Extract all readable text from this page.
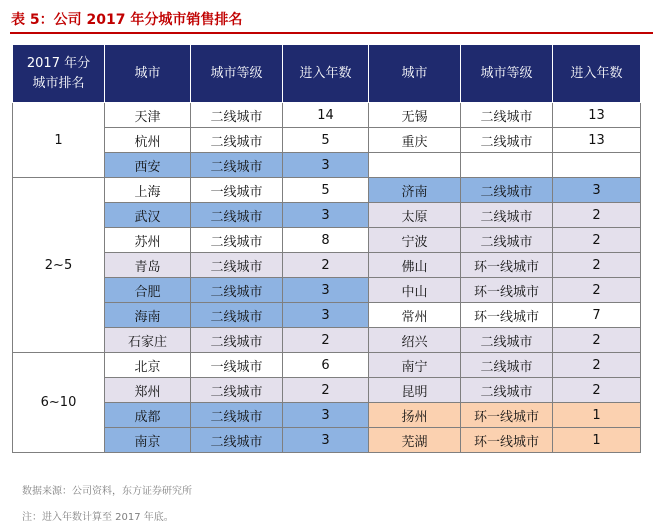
表 5：公司 2017 年分城市销售排名
2017 年分
城市排名	城市	城市等级	进入年数	城市	城市等级	进入年数
1	天津	二线城市	14	无锡	二线城市	13
	杭州	二线城市	5	重庆	二线城市	13
	西安	二线城市	3			
2~5	上海	一线城市	5	济南	二线城市	3
	武汉	二线城市	3	太原	二线城市	2
	苏州	二线城市	8	宁波	二线城市	2
	青岛	二线城市	2	佛山	环一线城市	2
	合肥	二线城市	3	中山	环一线城市	2
	海南	二线城市	3	常州	环一线城市	7
	石家庄	二线城市	2	绍兴	二线城市	2
6~10	北京	一线城市	6	南宁	二线城市	2
	郑州	二线城市	2	昆明	二线城市	2
	成都	二线城市	3	扬州	环一线城市	1
	南京	二线城市	3	芜湖	环一线城市	1
数据来源：公司资料，东方证券研究所
注：进入年数计算至 2017 年底。
